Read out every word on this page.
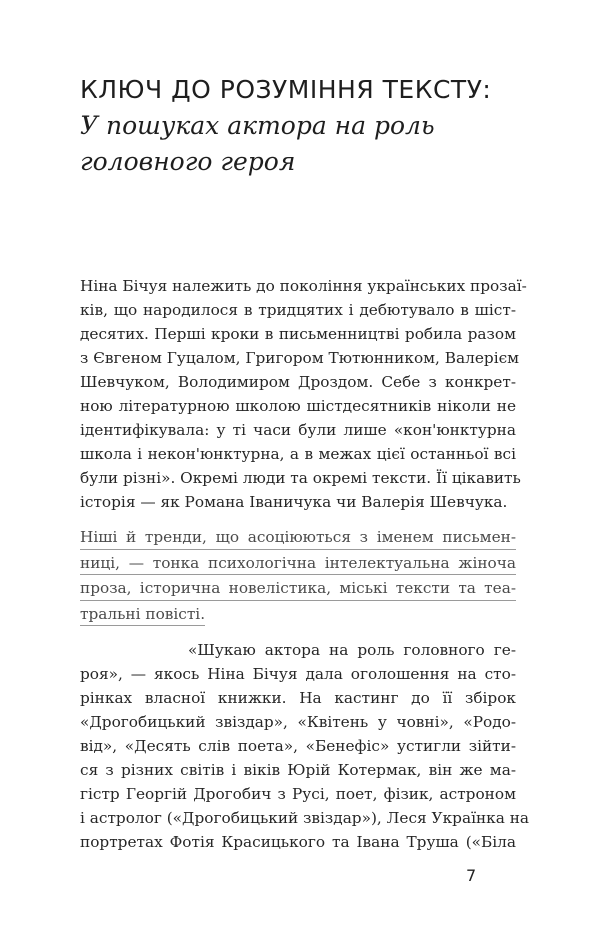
КЛЮЧ ДО РОЗУМІННЯ ТЕКСТУ:
У пошуках актора на роль
головного героя
Ніна Бічуя належить до покоління українських прозаї-
ків, що народилося в тридцятих і дебютувало в шіст-
десятих. Перші кроки в письменництві робила разом
з Євгеном Гуцалом, Григором Тютюнником, Валерієм
Шевчуком, Володимиром Дроздом. Себе з конкрет-
ною літературною школою шістдесятників ніколи не
ідентифікувала: у ті часи були лише «кон'юнктурна
школа і некон'юнктурна, а в межах цієї останньої всі
були різні». Окремі люди та окремі тексти. Її цікавить
історія — як Романа Іваничука чи Валерія Шевчука.
Ніші й тренди, що асоціюються з іменем письмен-
ниці, — тонка психологічна інтелектуальна жіноча
проза, історична новелістика, міські тексти та теа-
тральні повісті.
«Шукаю актора на роль головного ге-
роя», — якось Ніна Бічуя дала оголошення на сто-
рінках власної книжки. На кастинг до її збірок
«Дрогобицький звіздар», «Квітень у човні», «Родо-
від», «Десять слів поета», «Бенефіс» устигли зійти-
ся з різних світів і віків Юрій Котермак, він же ма-
гістр Георгій Дрогобич з Русі, поет, фізик, астроном
і астролог («Дрогобицький звіздар»), Леся Українка на
портретах Фотія Красицького та Івана Труша («Біла
7
